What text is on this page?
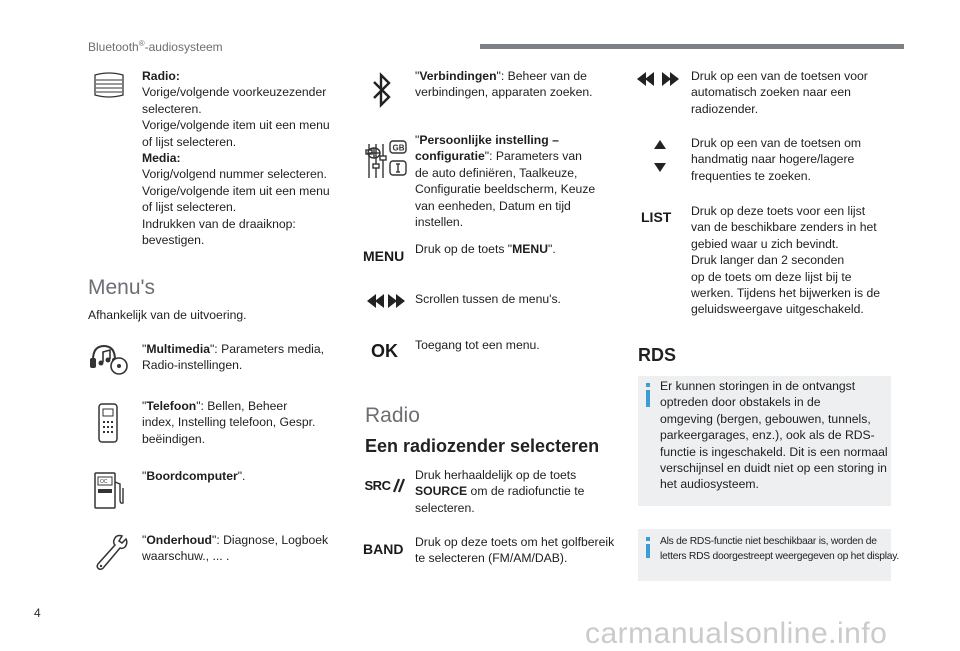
Bluetooth®-audiosysteem
Radio:
Vorige/volgende voorkeuzezender
selecteren.
Vorige/volgende item uit een menu
of lijst selecteren.
Media:
Vorig/volgend nummer selecteren.
Vorige/volgende item uit een menu
of lijst selecteren.
Indrukken van de draaiknop:
bevestigen.
Menu's
Afhankelijk van de uitvoering.
"Multimedia": Parameters media,
Radio-instellingen.
"Telefoon": Bellen, Beheer
index, Instelling telefoon, Gespr.
beëindigen.
OC	"Boordcomputer".
"Onderhoud": Diagnose, Logboek
waarschuw., ... .
"Verbindingen": Beheer van de
verbindingen, apparaten zoeken.
GB
"Persoonlijke instelling –
configuratie": Parameters van
de auto definiëren, Taalkeuze,
Configuratie beeldscherm, Keuze
van eenheden, Datum en tijd
instellen.
MENU Druk op de toets "MENU".
Scrollen tussen de menu's.
OK Toegang tot een menu.
Radio
Een radiozender selecteren
SRC
Druk herhaaldelijk op de toets
SOURCE om de radiofunctie te
selecteren.
BAND Druk op deze toets om het golfbereik
te selecteren (FM/AM/DAB).
Druk op een van de toetsen voor
automatisch zoeken naar een
radiozender.
Druk op een van de toetsen om
handmatig naar hogere/lagere
frequenties te zoeken.
LIST Druk op deze toets voor een lijst
van de beschikbare zenders in het
gebied waar u zich bevindt.
Druk langer dan 2 seconden
op de toets om deze lijst bij te
werken. Tijdens het bijwerken is de
geluidsweergave uitgeschakeld.
RDS
Er kunnen storingen in de ontvangst
optreden door obstakels in de
omgeving (bergen, gebouwen, tunnels,
parkeergarages, enz.), ook als de RDS-
functie is ingeschakeld. Dit is een normaal
verschijnsel en duidt niet op een storing in
het audiosysteem.
Als de RDS-functie niet beschikbaar is, worden de
letters RDS doorgestreept weergegeven op het display.
4
carmanualsonline.info
